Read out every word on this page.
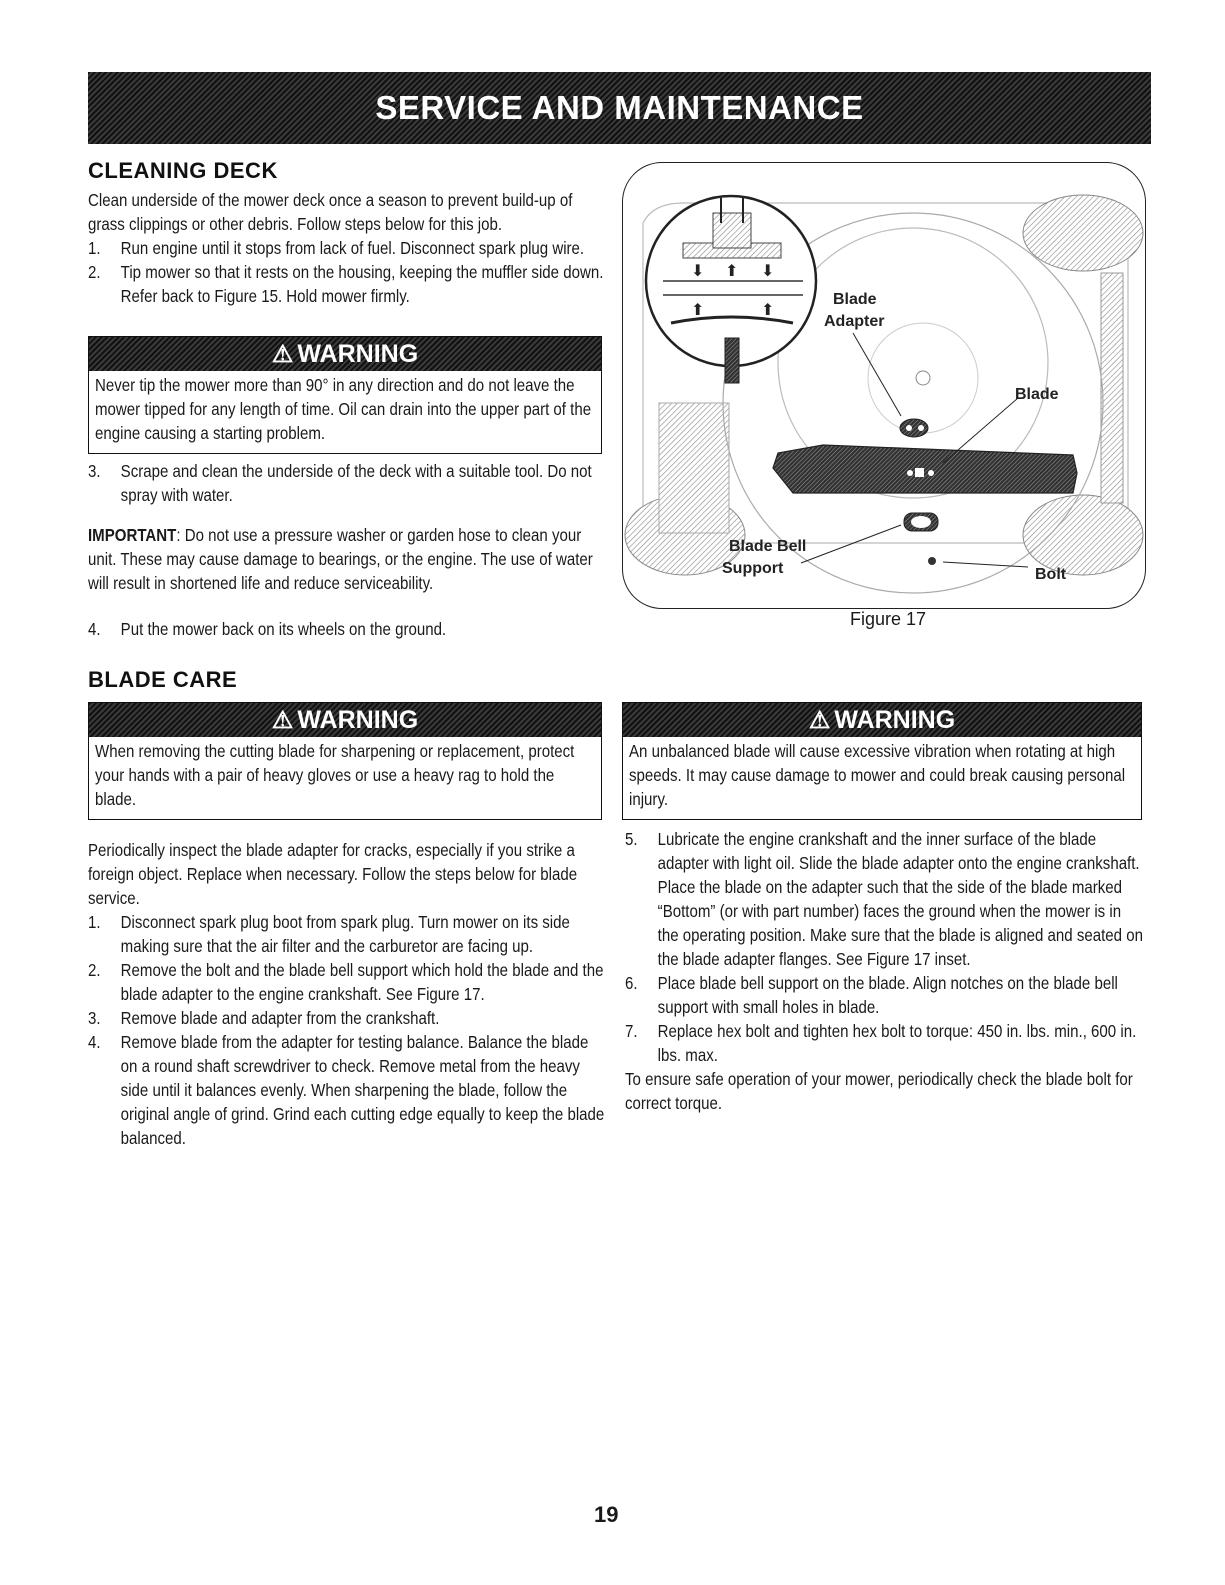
SERVICE AND MAINTENANCE
CLEANING DECK

Clean underside of the mower deck once a season to prevent build-up of grass clippings or other debris. Follow steps below for this job.

1.	Run engine until it stops from lack of fuel. Disconnect spark plug wire.
2.	Tip mower so that it rests on the housing, keeping the muffler side down. Refer back to Figure 15. Hold mower firmly.
⚠ WARNING
Never tip the mower more than 90° in any direction and do not leave the mower tipped for any length of time. Oil can drain into the upper part of the engine causing a starting problem.
3.	Scrape and clean the underside of the deck with a suitable tool. Do not spray with water.

IMPORTANT: Do not use a pressure washer or garden hose to clean your unit. These may cause damage to bearings, or the engine. The use of water will result in shortened life and reduce serviceability.

4.	Put the mower back on its wheels on the ground.
⬇ ⬆ ⬇
⬆	⬆
Blade
Adapter
Blade
Blade Bell
Support	Bolt
Figure 17
BLADE CARE
⚠ WARNING
When removing the cutting blade for sharpening or replacement, protect your hands with a pair of heavy gloves or use a heavy rag to hold the blade.

Periodically inspect the blade adapter for cracks, especially if you strike a foreign object. Replace when necessary. Follow the steps below for blade service.

1.	Disconnect spark plug boot from spark plug. Turn mower on its side making sure that the air filter and the carburetor are facing up.
2.	Remove the bolt and the blade bell support which hold the blade and the blade adapter to the engine crankshaft. See Figure 17.
3.	Remove blade and adapter from the crankshaft.
4.	Remove blade from the adapter for testing balance. Balance the blade on a round shaft screwdriver to check. Remove metal from the heavy side until it balances evenly. When sharpening the blade, follow the original angle of grind. Grind each cutting edge equally to keep the blade balanced.
⚠ WARNING
An unbalanced blade will cause excessive vibration when rotating at high speeds. It may cause damage to mower and could break causing personal injury.
5.	Lubricate the engine crankshaft and the inner surface of the blade adapter with light oil. Slide the blade adapter onto the engine crankshaft. Place the blade on the adapter such that the side of the blade marked “Bottom” (or with part number) faces the ground when the mower is in the operating position. Make sure that the blade is aligned and seated on the blade adapter flanges. See Figure 17 inset.
6.	Place blade bell support on the blade. Align notches on the blade bell support with small holes in blade.
7.	Replace hex bolt and tighten hex bolt to torque: 450 in. lbs. min., 600 in. lbs. max.

To ensure safe operation of your mower, periodically check the blade bolt for correct torque.

19
